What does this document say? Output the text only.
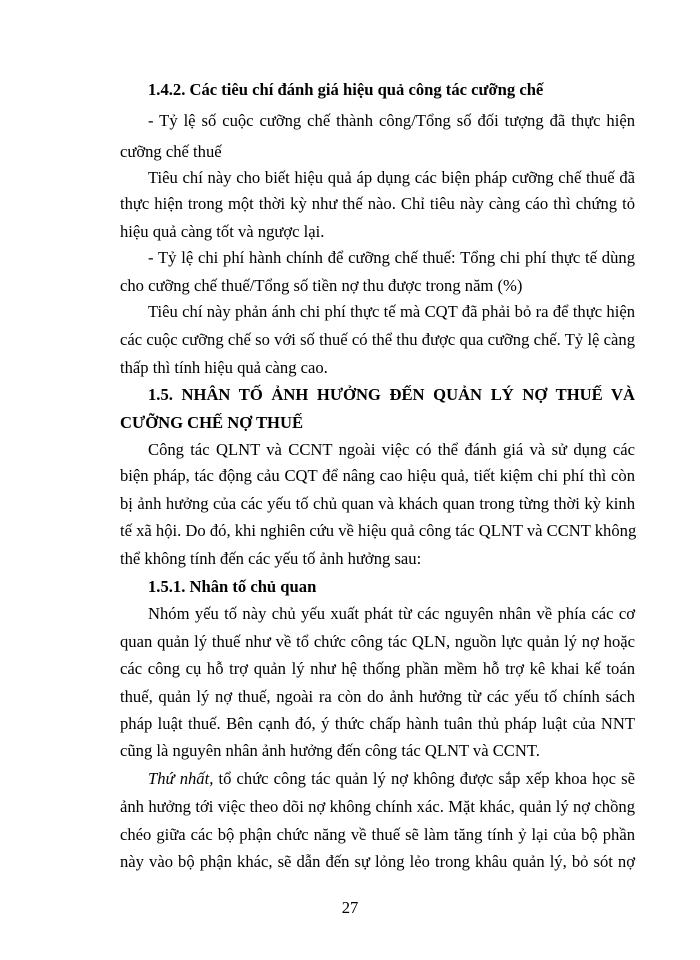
1.4.2. Các tiêu chí đánh giá hiệu quả công tác cưỡng chế
- Tỷ lệ số cuộc cưỡng chế thành công/Tổng số đối tượng đã thực hiện
cưỡng chế thuế
Tiêu chí này cho biết hiệu quả áp dụng các biện pháp cưỡng chế thuế đã
thực hiện trong một thời kỳ như thế nào. Chỉ tiêu này càng cáo thì chứng tỏ
hiệu quả càng tốt và ngược lại.
- Tỷ lệ chi phí hành chính để cưỡng chế thuế: Tổng chi phí thực tế dùng
cho cưỡng chế thuế/Tổng số tiền nợ thu được trong năm (%)
Tiêu chí này phản ánh chi phí thực tế mà CQT đã phải bỏ ra để thực hiện
các cuộc cưỡng chế so với số thuế có thể thu được qua cưỡng chế. Tỷ lệ càng
thấp thì tính hiệu quả càng cao.
1.5. NHÂN TỐ ẢNH HƯỞNG ĐẾN QUẢN LÝ NỢ THUẾ VÀ
CƯỠNG CHẾ NỢ THUẾ
Công tác QLNT và CCNT ngoài việc có thể đánh giá và sử dụng các
biện pháp, tác động cảu CQT để nâng cao hiệu quả, tiết kiệm chi phí thì còn
bị ảnh hưởng của các yếu tố chủ quan và khách quan trong từng thời kỳ kinh
tế xã hội. Do đó, khi nghiên cứu về hiệu quả công tác QLNT và CCNT không
thể không tính đến các yếu tố ảnh hưởng sau:
1.5.1. Nhân tố chủ quan
Nhóm yếu tố này chủ yếu xuất phát từ các nguyên nhân về phía các cơ
quan quản lý thuế như về tổ chức công tác QLN, nguồn lực quản lý nợ hoặc
các công cụ hỗ trợ quản lý như hệ thống phần mềm hỗ trợ kê khai kế toán
thuế, quản lý nợ thuế, ngoài ra còn do ảnh hưởng từ các yếu tố chính sách
pháp luật thuế. Bên cạnh đó, ý thức chấp hành tuân thủ pháp luật của NNT
cũng là nguyên nhân ảnh hưởng đến công tác QLNT và CCNT.
Thứ nhất, tổ chức công tác quản lý nợ không được sắp xếp khoa học sẽ
ảnh hưởng tới việc theo dõi nợ không chính xác. Mặt khác, quản lý nợ chồng
chéo giữa các bộ phận chức năng về thuế sẽ làm tăng tính ỷ lại của bộ phần
này vào bộ phận khác, sẽ dẫn đến sự lỏng lẻo trong khâu quản lý, bỏ sót nợ
27
